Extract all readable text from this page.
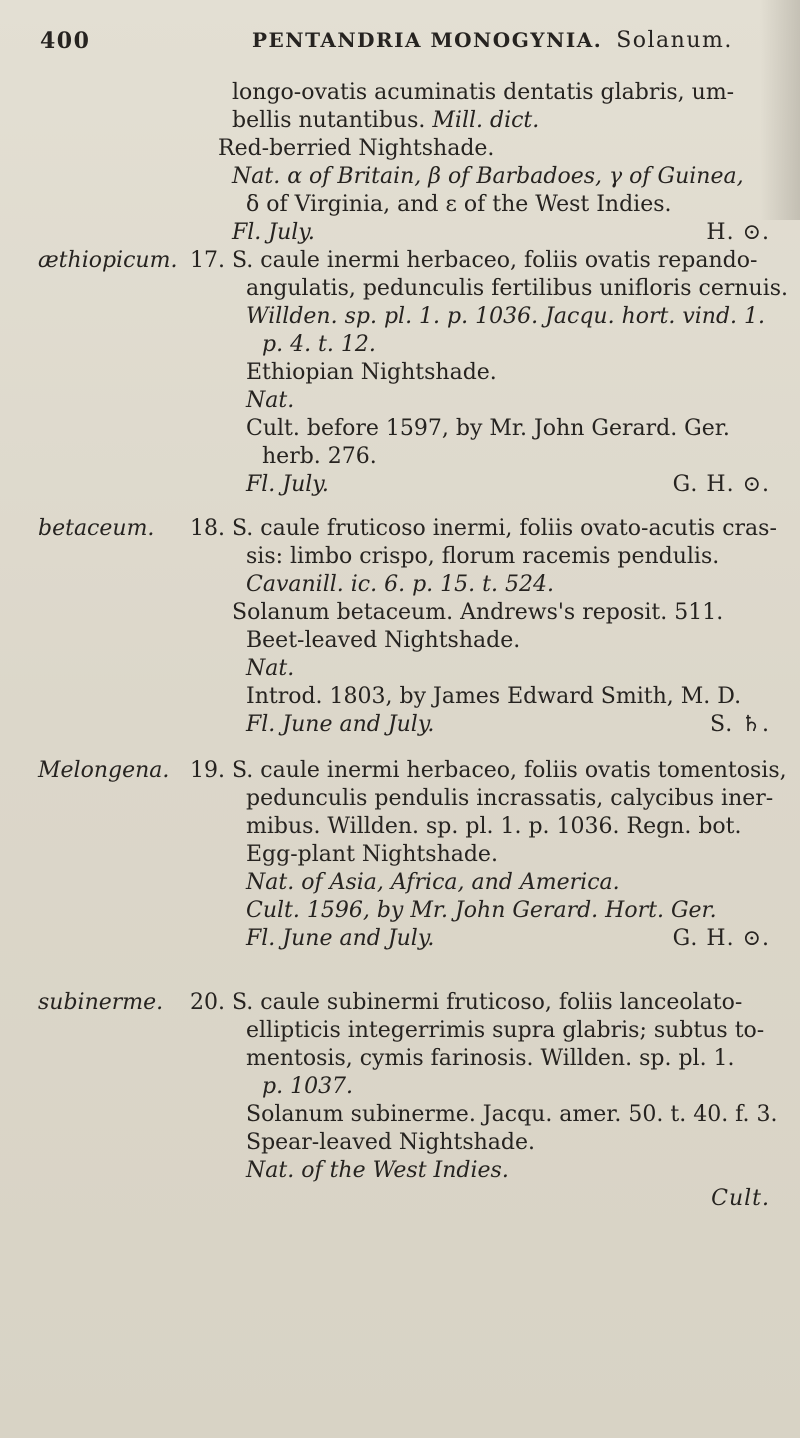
400	PENTANDRIA MONOGYNIA. Solanum.
longo-ovatis acuminatis dentatis glabris, um-
bellis nutantibus. Mill. dict.
Red-berried Nightshade.
Nat. α of Britain, β of Barbadoes, γ of Guinea,
δ of Virginia, and ε of the West Indies.
Fl. July.	H. ⊙.
æthiopicum. 17. S. caule inermi herbaceo, foliis ovatis repando-
angulatis, pedunculis fertilibus unifloris cernuis.
Willden. sp. pl. 1. p. 1036. Jacqu. hort. vind. 1.
p. 4. t. 12.
Ethiopian Nightshade.
Nat.
Cult. before 1597, by Mr. John Gerard. Ger.
herb. 276.
Fl. July.	G. H. ⊙.
betaceum. 18. S. caule fruticoso inermi, foliis ovato-acutis cras-
sis: limbo crispo, florum racemis pendulis.
Cavanill. ic. 6. p. 15. t. 524.
Solanum betaceum. Andrews's reposit. 511.
Beet-leaved Nightshade.
Nat.
Introd. 1803, by James Edward Smith, M. D.
Fl. June and July.	S. ♄.
Melongena. 19. S. caule inermi herbaceo, foliis ovatis tomentosis,
pedunculis pendulis incrassatis, calycibus iner-
mibus. Willden. sp. pl. 1. p. 1036. Regn. bot.
Egg-plant Nightshade.
Nat. of Asia, Africa, and America.
Cult. 1596, by Mr. John Gerard. Hort. Ger.
Fl. June and July.	G. H. ⊙.
subinerme. 20. S. caule subinermi fruticoso, foliis lanceolato-
ellipticis integerrimis supra glabris; subtus to-
mentosis, cymis farinosis. Willden. sp. pl. 1.
p. 1037.
Solanum subinerme. Jacqu. amer. 50. t. 40. f. 3.
Spear-leaved Nightshade.
Nat. of the West Indies.
Cult.
